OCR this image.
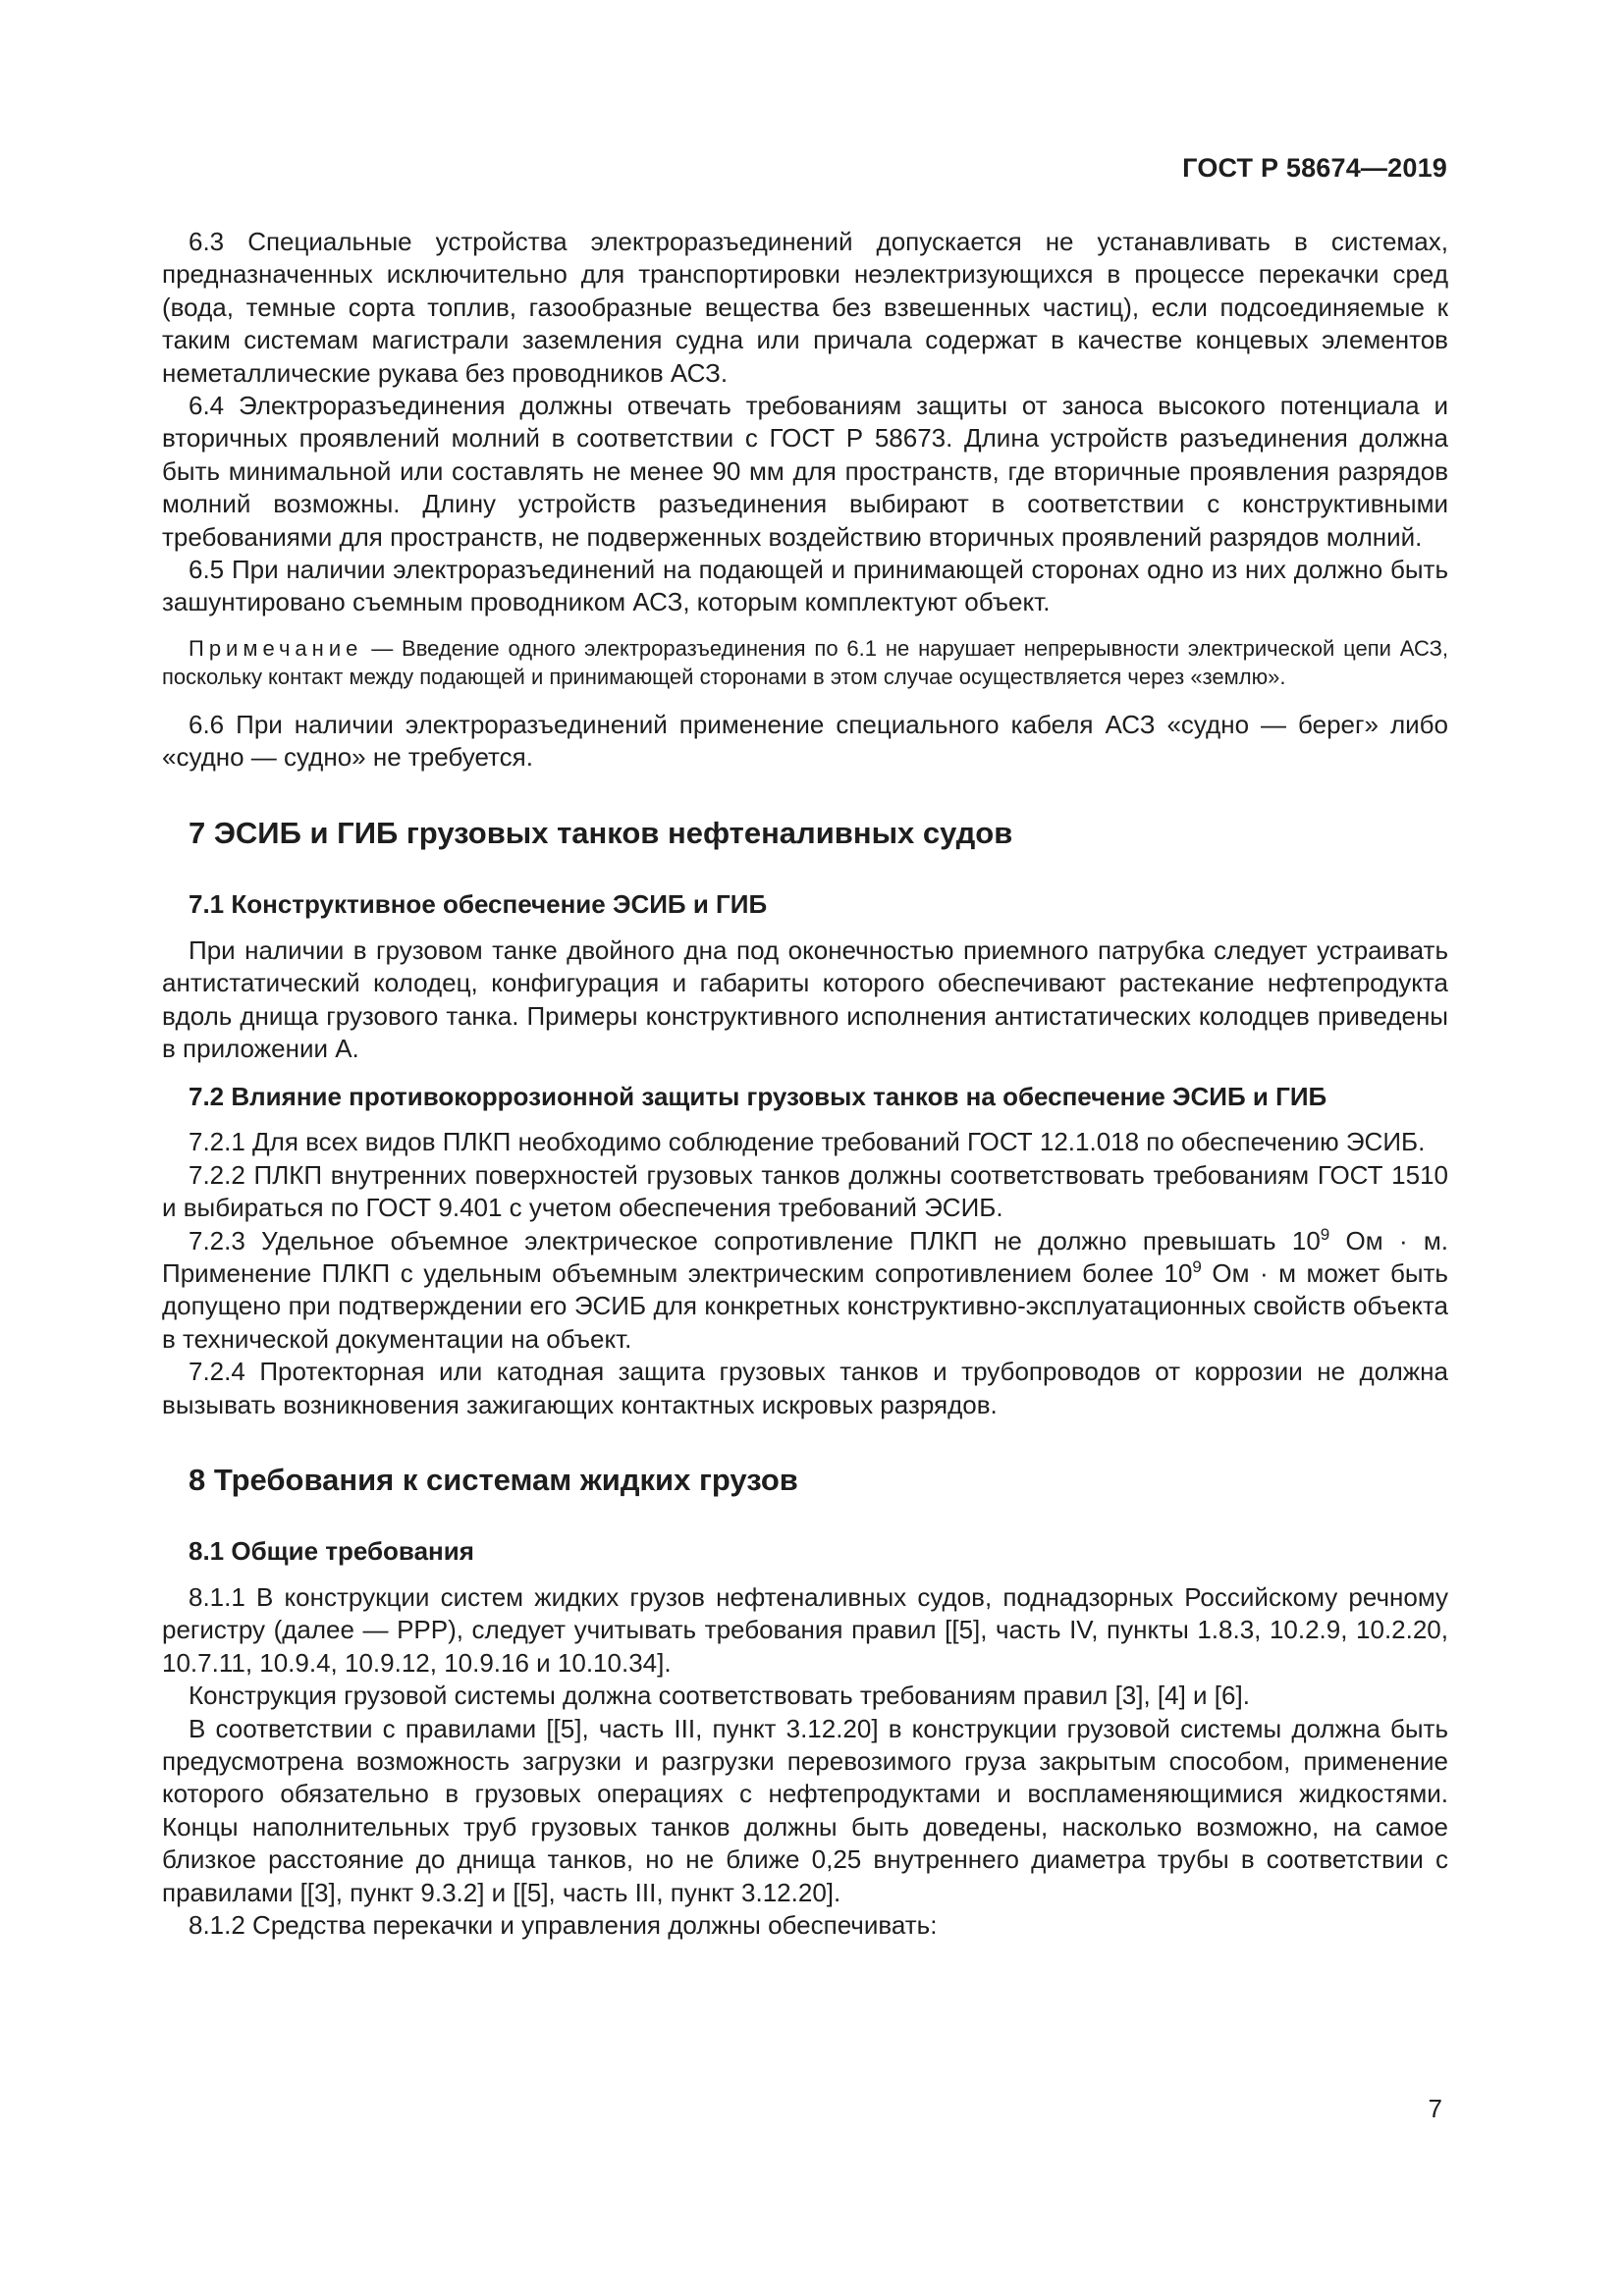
ГОСТ Р 58674—2019

6.3 Специальные устройства электроразъединений допускается не устанавливать в системах, предназначенных исключительно для транспортировки неэлектризующихся в процессе перекачки сред (вода, темные сорта топлив, газообразные вещества без взвешенных частиц), если подсоединяемые к таким системам магистрали заземления судна или причала содержат в качестве концевых элементов неметаллические рукава без проводников АСЗ.

6.4 Электроразъединения должны отвечать требованиям защиты от заноса высокого потенциала и вторичных проявлений молний в соответствии с ГОСТ Р 58673. Длина устройств разъединения должна быть минимальной или составлять не менее 90 мм для пространств, где вторичные проявления разрядов молний возможны. Длину устройств разъединения выбирают в соответствии с конструктивными требованиями для пространств, не подверженных воздействию вторичных проявлений разрядов молний.

6.5 При наличии электроразъединений на подающей и принимающей сторонах одно из них должно быть зашунтировано съемным проводником АСЗ, которым комплектуют объект.

Примечание — Введение одного электроразъединения по 6.1 не нарушает непрерывности электрической цепи АСЗ, поскольку контакт между подающей и принимающей сторонами в этом случае осуществляется через «землю».

6.6 При наличии электроразъединений применение специального кабеля АСЗ «судно — берег» либо «судно — судно» не требуется.

7 ЭСИБ и ГИБ грузовых танков нефтеналивных судов
7.1 Конструктивное обеспечение ЭСИБ и ГИБ

При наличии в грузовом танке двойного дна под оконечностью приемного патрубка следует устраивать антистатический колодец, конфигурация и габариты которого обеспечивают растекание нефтепродукта вдоль днища грузового танка. Примеры конструктивного исполнения антистатических колодцев приведены в приложении А.

7.2 Влияние противокоррозионной защиты грузовых танков на обеспечение ЭСИБ и ГИБ

7.2.1 Для всех видов ПЛКП необходимо соблюдение требований ГОСТ 12.1.018 по обеспечению ЭСИБ.

7.2.2 ПЛКП внутренних поверхностей грузовых танков должны соответствовать требованиям ГОСТ 1510 и выбираться по ГОСТ 9.401 с учетом обеспечения требований ЭСИБ.

7.2.3 Удельное объемное электрическое сопротивление ПЛКП не должно превышать $10^9$ Ом · м. Применение ПЛКП с удельным объемным электрическим сопротивлением более $10^9$ Ом · м может быть допущено при подтверждении его ЭСИБ для конкретных конструктивно-эксплуатационных свойств объекта в технической документации на объект.

7.2.4 Протекторная или катодная защита грузовых танков и трубопроводов от коррозии не должна вызывать возникновения зажигающих контактных искровых разрядов.

8 Требования к системам жидких грузов
8.1 Общие требования

8.1.1 В конструкции систем жидких грузов нефтеналивных судов, поднадзорных Российскому речному регистру (далее — РРР), следует учитывать требования правил [[5], часть IV, пункты 1.8.3, 10.2.9, 10.2.20, 10.7.11, 10.9.4, 10.9.12, 10.9.16 и 10.10.34].

Конструкция грузовой системы должна соответствовать требованиям правил [3], [4] и [6].

В соответствии с правилами [[5], часть III, пункт 3.12.20] в конструкции грузовой системы должна быть предусмотрена возможность загрузки и разгрузки перевозимого груза закрытым способом, применение которого обязательно в грузовых операциях с нефтепродуктами и воспламеняющимися жидкостями. Концы наполнительных труб грузовых танков должны быть доведены, насколько возможно, на самое близкое расстояние до днища танков, но не ближе 0,25 внутреннего диаметра трубы в соответствии с правилами [[3], пункт 9.3.2] и [[5], часть III, пункт 3.12.20].

8.1.2 Средства перекачки и управления должны обеспечивать:

7
